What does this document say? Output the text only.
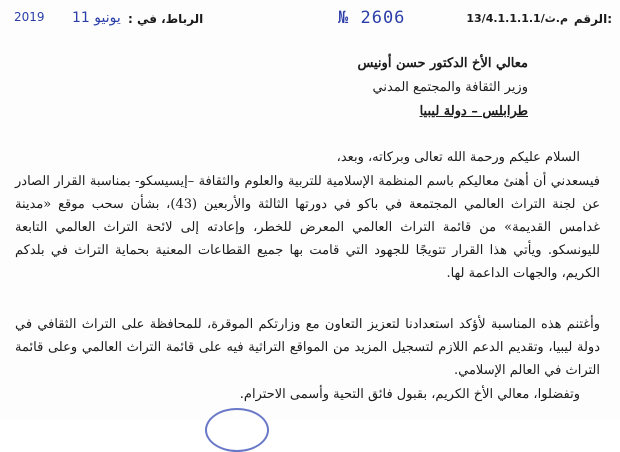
الرقم:
م.ث/13/4.1.1.1.1
№ 2606
الرباط، في :
11 يونيو
2019
معالي الأخ الدكتور حسن أونيس
وزير الثقافة والمجتمع المدني
طرابلس – دولة ليبيا
السلام عليكم ورحمة الله تعالى وبركاته، وبعد،
فيسعدني أن أهنئ معاليكم باسم المنظمة الإسلامية للتربية والعلوم والثقافة –إيسيسكو- بمناسبة القرار الصادر عن لجنة التراث العالمي المجتمعة في باكو في دورتها الثالثة والأربعين (43)، بشأن سحب موقع «مدينة غدامس القديمة» من قائمة التراث العالمي المعرض للخطر، وإعادته إلى لائحة التراث العالمي التابعة لليونسكو. ويأتي هذا القرار تتويجًا للجهود التي قامت بها جميع القطاعات المعنية بحماية التراث في بلدكم الكريم، والجهات الداعمة لها.
وأغتنم هذه المناسبة لأؤكد استعدادنا لتعزيز التعاون مع وزارتكم الموقرة، للمحافظة على التراث الثقافي في دولة ليبيا، وتقديم الدعم اللازم لتسجيل المزيد من المواقع التراثية فيه على قائمة التراث العالمي وعلى قائمة التراث في العالم الإسلامي.
وتفضلوا، معالي الأخ الكريم، بقبول فائق التحية وأسمى الاحترام.
